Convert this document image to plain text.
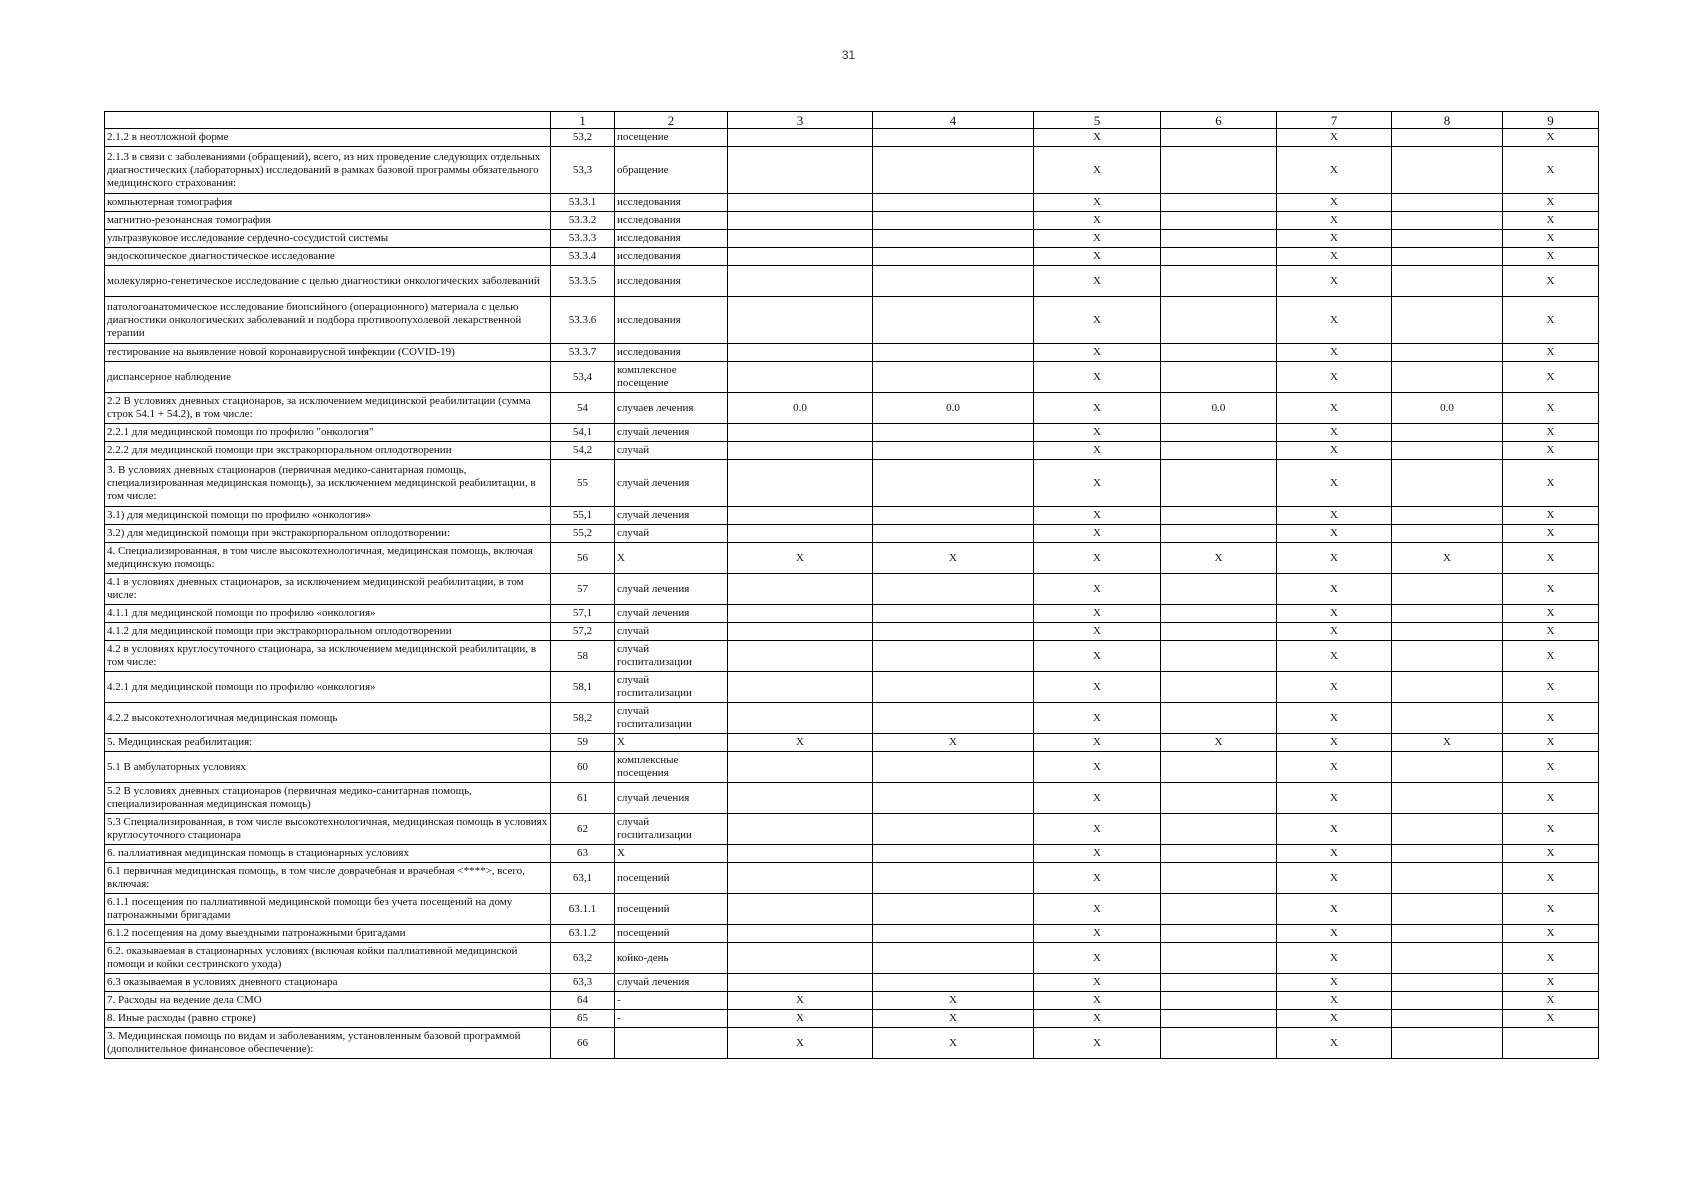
31
	1	2	3	4	5	6	7	8	9
2.1.2 в неотложной форме	53,2	посещение			X		X		X
2.1.3 в связи с заболеваниями (обращений), всего, из них проведение следующих отдельных диагностических (лабораторных) исследований в рамках базовой программы обязательного медицинского страхования:	53,3	обращение			X		X		X
компьютерная томография	53.3.1	исследования			X		X		X
магнитно-резонансная томография	53.3.2	исследования			X		X		X
ультразвуковое исследование сердечно-сосудистой системы	53.3.3	исследования			X		X		X
эндоскопическое диагностическое исследование	53.3.4	исследования			X		X		X
молекулярно-генетическое исследование с целью диагностики онкологических заболеваний	53.3.5	исследования			X		X		X
патологоанатомическое исследование биопсийного (операционного) материала с целью диагностики онкологических заболеваний и подбора противоопухолевой лекарственной терапии	53.3.6	исследования			X		X		X
тестирование на выявление новой коронавирусной инфекции (COVID-19)	53.3.7	исследования			X		X		X
диспансерное наблюдение	53,4	комплексное посещение			X		X		X
2.2 В условиях дневных стационаров, за исключением медицинской реабилитации (сумма строк 54.1 + 54.2), в том числе:	54	случаев лечения	0.0	0.0	X	0.0	X	0.0	X
2.2.1 для медицинской помощи по профилю "онкология"	54,1	случай лечения			X		X		X
2.2.2 для медицинской помощи при экстракорпоральном оплодотворении	54,2	случай			X		X		X
3. В условиях дневных стационаров (первичная медико-санитарная помощь, специализированная медицинская помощь), за исключением медицинской реабилитации, в том числе:	55	случай лечения			X		X		X
3.1) для медицинской помощи по профилю «онкология»	55,1	случай лечения			X		X		X
3.2) для медицинской помощи при экстракорпоральном оплодотворении:	55,2	случай			X		X		X
4. Специализированная, в том числе высокотехнологичная, медицинская помощь, включая медицинскую помощь:	56	X	X	X	X	X	X	X	X
4.1 в условиях дневных стационаров, за исключением медицинской реабилитации, в том числе:	57	случай лечения			X		X		X
4.1.1 для медицинской помощи по профилю «онкология»	57,1	случай лечения			X		X		X
4.1.2 для медицинской помощи при экстракорпоральном оплодотворении	57,2	случай			X		X		X
4.2 в условиях круглосуточного стационара, за исключением медицинской реабилитации, в том числе:	58	случай госпитализации			X		X		X
4.2.1 для медицинской помощи по профилю «онкология»	58,1	случай госпитализации			X		X		X
4.2.2 высокотехнологичная медицинская помощь	58,2	случай госпитализации			X		X		X
5. Медицинская реабилитация:	59	X	X	X	X	X	X	X	X
5.1 В амбулаторных условиях	60	комплексные посещения			X		X		X
5.2 В условиях дневных стационаров (первичная медико-санитарная помощь, специализированная медицинская помощь)	61	случай лечения			X		X		X
5.3 Специализированная, в том числе высокотехнологичная, медицинская помощь в условиях круглосуточного стационара	62	случай госпитализации			X		X		X
6. паллиативная медицинская помощь в стационарных условиях	63	X			X		X		X
6.1 первичная медицинская помощь, в том числе доврачебная и врачебная <****>, всего, включая:	63,1	посещений			X		X		X
6.1.1 посещения по паллиативной медицинской помощи без учета посещений на дому патронажными бригадами	63.1.1	посещений			X		X		X
6.1.2 посещения на дому выездными патронажными бригадами	63.1.2	посещений			X		X		X
6.2. оказываемая в стационарных условиях (включая койки паллиативной медицинской помощи и койки сестринского ухода)	63,2	койко-день			X		X		X
6.3 оказываемая в условиях дневного стационара	63,3	случай лечения			X		X		X
7. Расходы на ведение дела СМО	64	-	X	X	X		X		X
8. Иные расходы (равно строке)	65	-	X	X	X		X		X
3. Медицинская помощь по видам и заболеваниям, установленным базовой программой (дополнительное финансовое обеспечение):	66		X	X	X		X		
